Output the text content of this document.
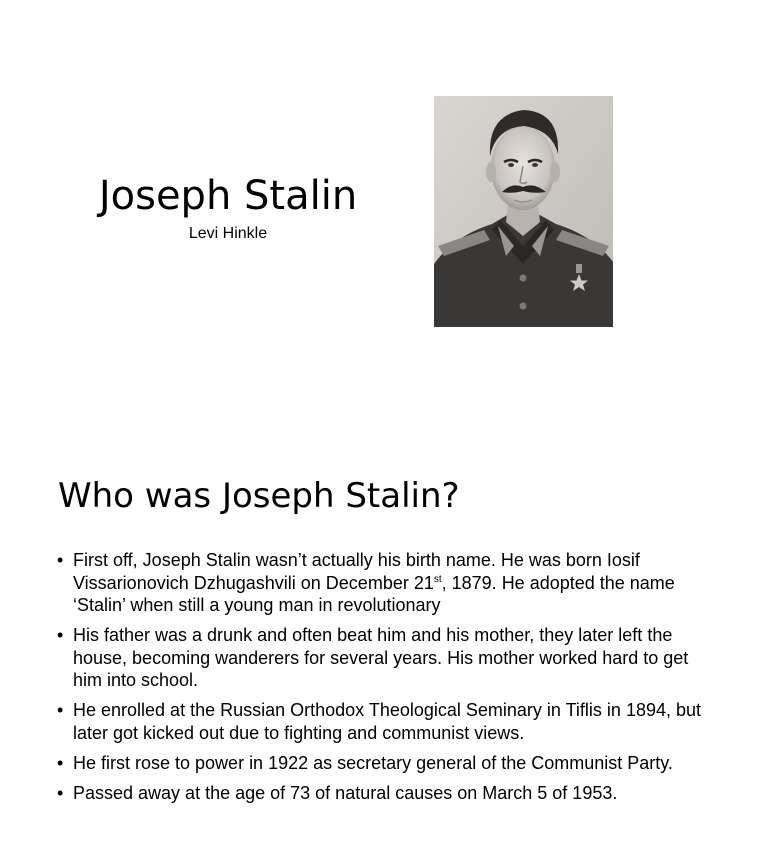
Joseph Stalin

Levi Hinkle

Who was Joseph Stalin?
• First off, Joseph Stalin wasn’t actually his birth name. He was born Iosif Vissarionovich Dzhugashvili on December 21st, 1879. He adopted the name ‘Stalin’ when still a young man in revolutionary
• His father was a drunk and often beat him and his mother, they later left the house, becoming wanderers for several years. His mother worked hard to get him into school.
• He enrolled at the Russian Orthodox Theological Seminary in Tiflis in 1894, but later got kicked out due to fighting and communist views.
• He first rose to power in 1922 as secretary general of the Communist Party.
• Passed away at the age of 73 of natural causes on March 5 of 1953.
